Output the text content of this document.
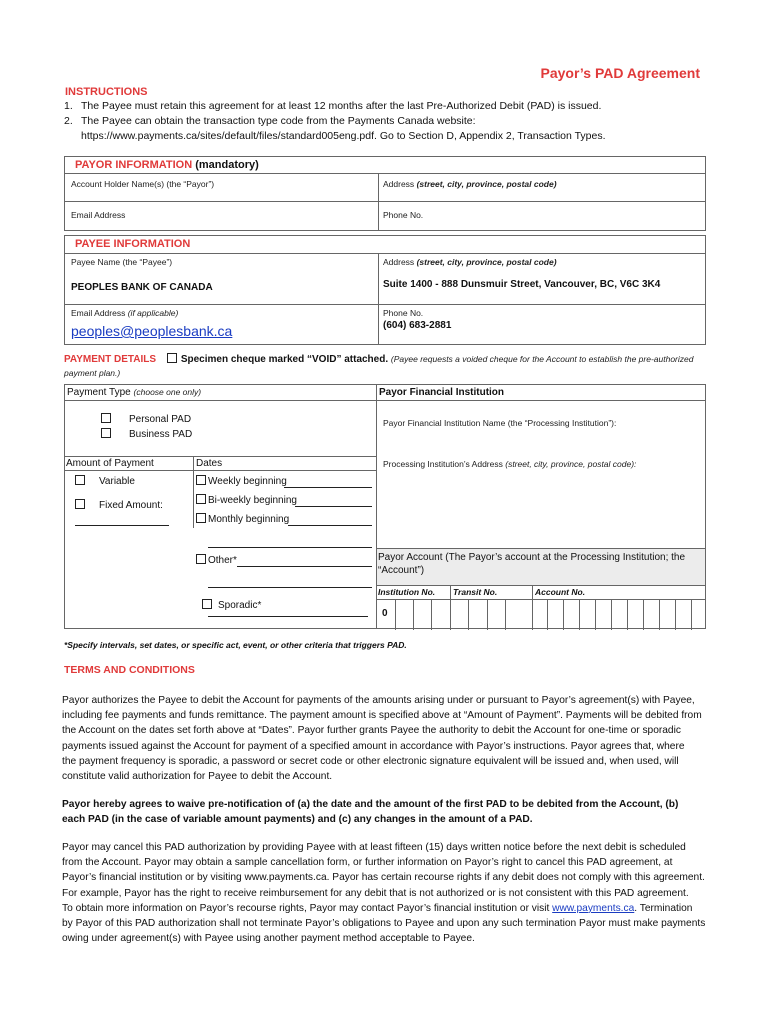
Payor’s PAD Agreement
INSTRUCTIONS
1. The Payee must retain this agreement for at least 12 months after the last Pre-Authorized Debit (PAD) is issued.
2. The Payee can obtain the transaction type code from the Payments Canada website:
https://www.payments.ca/sites/default/files/standard005eng.pdf. Go to Section D, Appendix 2, Transaction Types.
PAYOR INFORMATION (mandatory)
Account Holder Name(s) (the “Payor”)	Address (street, city, province, postal code)
Email Address	Phone No.
PAYEE INFORMATION
Payee Name (the “Payee”)
PEOPLES BANK OF CANADA
Address (street, city, province, postal code)
Suite 1400 - 888 Dunsmuir Street, Vancouver, BC, V6C 3K4
Email Address (if applicable)
peoples@peoplesbank.ca
Phone No.
(604) 683-2881
PAYMENT DETAILS Specimen cheque marked “VOID” attached. (Payee requests a voided cheque for the Account to establish the pre-authorized
payment plan.)
Payment Type (choose one only)
Personal PAD
Business PAD
Amount of Payment
Variable
Fixed Amount:
Dates
Weekly beginning
Bi-weekly beginning
Monthly beginning
Other*
Sporadic*
Payor Financial Institution
Payor Financial Institution Name (the “Processing Institution”):
Processing Institution’s Address (street, city, province, postal code):
Payor Account (The Payor’s account at the Processing Institution; the
“Account”)
Institution No. Transit No.	Account No.
0
*Specify intervals, set dates, or specific act, event, or other criteria that triggers PAD.
TERMS AND CONDITIONS
Payor authorizes the Payee to debit the Account for payments of the amounts arising under or pursuant to Payor’s agreement(s) with Payee,
including fee payments and funds remittance. The payment amount is specified above at “Amount of Payment”. Payments will be debited from
the Account on the dates set forth above at “Dates”. Payor further grants Payee the authority to debit the Account for one-time or sporadic
payments issued against the Account for payment of a specified amount in accordance with Payor’s instructions. Payor agrees that, where
the payment frequency is sporadic, a password or secret code or other electronic signature equivalent will be issued and, when used, will
constitute valid authorization for Payee to debit the Account.
Payor hereby agrees to waive pre-notification of (a) the date and the amount of the first PAD to be debited from the Account, (b)
each PAD (in the case of variable amount payments) and (c) any changes in the amount of a PAD.
Payor may cancel this PAD authorization by providing Payee with at least fifteen (15) days written notice before the next debit is scheduled
from the Account. Payor may obtain a sample cancellation form, or further information on Payor’s right to cancel this PAD agreement, at
Payor’s financial institution or by visiting www.payments.ca. Payor has certain recourse rights if any debit does not comply with this agreement.
For example, Payor has the right to receive reimbursement for any debit that is not authorized or is not consistent with this PAD agreement.
To obtain more information on Payor’s recourse rights, Payor may contact Payor’s financial institution or visit www.payments.ca. Termination
by Payor of this PAD authorization shall not terminate Payor’s obligations to Payee and upon any such termination Payor must make payments
owing under agreement(s) with Payee using another payment method acceptable to Payee.
